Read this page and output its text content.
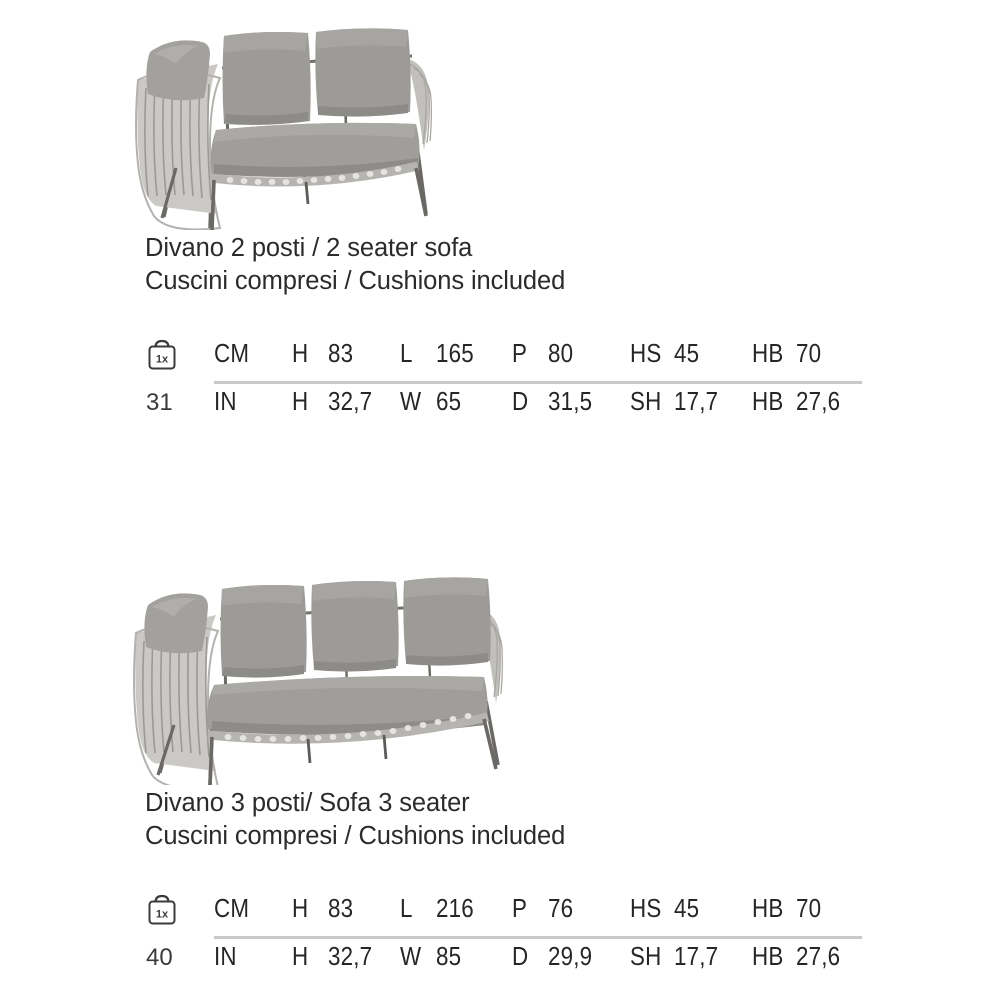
Divano 2 posti / 2 seater sofa
Cuscini compresi / Cushions included
1x
31
CM	H 83 L 165 P 80 HS 45 HB 70
IN	H 32,7 W 65 D 31,5 SH 17,7 HB 27,6
Divano 3 posti/ Sofa 3 seater
Cuscini compresi / Cushions included
1x
40
CM	H 83 L 216 P 76 HS 45 HB 70
IN	H 32,7 W 85 D 29,9 SH 17,7 HB 27,6
